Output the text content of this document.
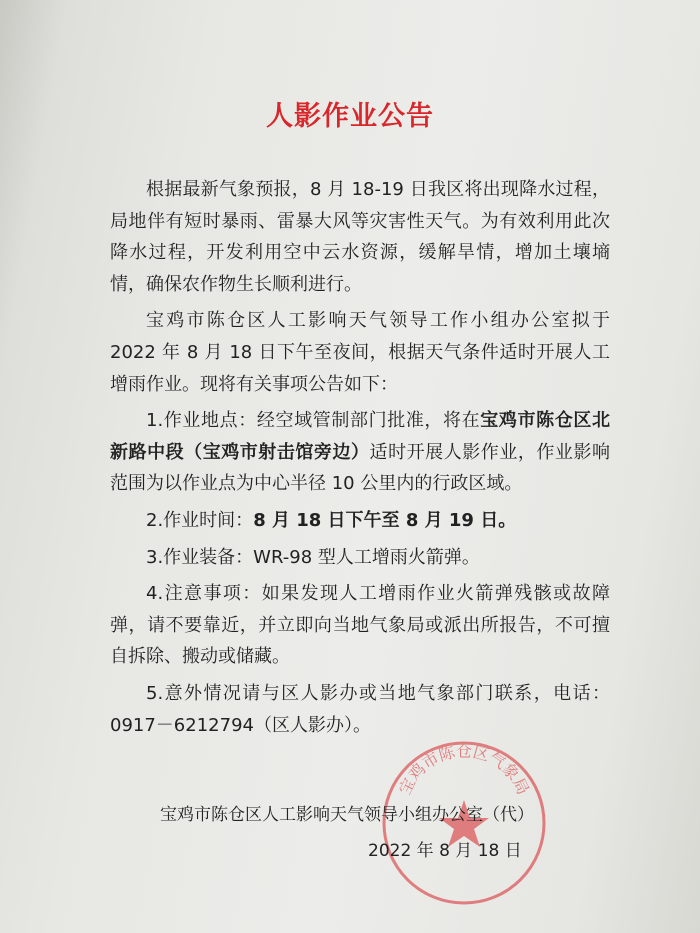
人影作业公告

根据最新气象预报，8 月 18-19 日我区将出现降水过程，局地伴有短时暴雨、雷暴大风等灾害性天气。为有效利用此次降水过程，开发利用空中云水资源，缓解旱情，增加土壤墒情，确保农作物生长顺利进行。

宝鸡市陈仓区人工影响天气领导工作小组办公室拟于 2022 年 8 月 18 日下午至夜间，根据天气条件适时开展人工增雨作业。现将有关事项公告如下：

1.作业地点：经空域管制部门批准，将在宝鸡市陈仓区北新路中段（宝鸡市射击馆旁边）适时开展人影作业，作业影响范围为以作业点为中心半径 10 公里内的行政区域。

2.作业时间：8 月 18 日下午至 8 月 19 日。

3.作业装备：WR-98 型人工增雨火箭弹。

4.注意事项：如果发现人工增雨作业火箭弹残骸或故障弹，请不要靠近，并立即向当地气象局或派出所报告，不可擅自拆除、搬动或储藏。

5.意外情况请与区人影办或当地气象部门联系，电话：0917－6212794（区人影办）。

宝鸡市陈仓区气象局
宝鸡市陈仓区人工影响天气领导小组办公室（代）
2022 年 8 月 18 日
